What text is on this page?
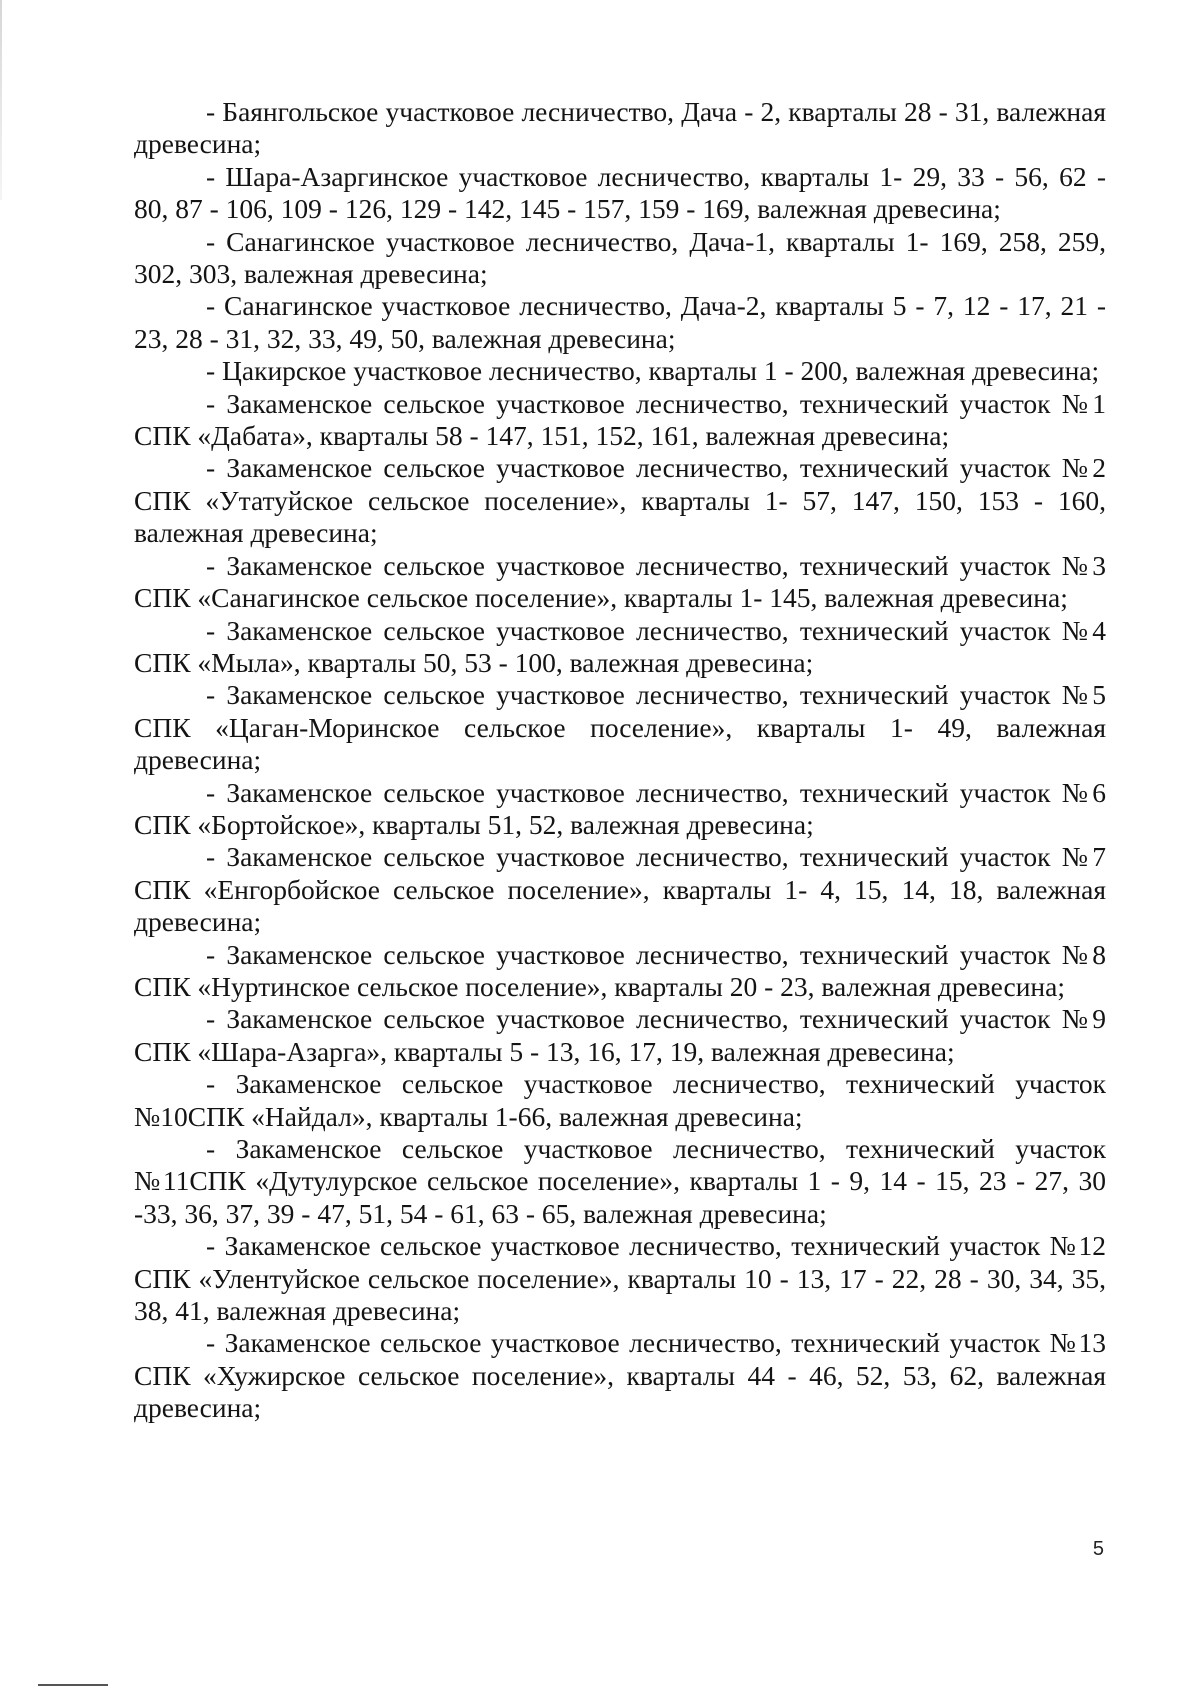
- Баянгольское участковое лесничество, Дача - 2, кварталы 28 - 31, валежная древесина;

- Шара-Азаргинское участковое лесничество, кварталы 1- 29, 33 - 56, 62 - 80, 87 - 106, 109 - 126, 129 - 142, 145 - 157, 159 - 169, валежная древесина;

- Санагинское участковое лесничество, Дача-1, кварталы 1- 169, 258, 259, 302, 303, валежная древесина;

- Санагинское участковое лесничество, Дача-2, кварталы 5 - 7, 12 - 17, 21 - 23, 28 - 31, 32, 33, 49, 50, валежная древесина;

- Цакирское участковое лесничество, кварталы 1 - 200, валежная древесина;

- Закаменское сельское участковое лесничество, технический участок №1 СПК «Дабата», кварталы 58 - 147, 151, 152, 161, валежная древесина;

- Закаменское сельское участковое лесничество, технический участок №2 СПК «Утатуйское сельское поселение», кварталы 1- 57, 147, 150, 153 - 160, валежная древесина;

- Закаменское сельское участковое лесничество, технический участок №3 СПК «Санагинское сельское поселение», кварталы 1- 145, валежная древесина;

- Закаменское сельское участковое лесничество, технический участок №4 СПК «Мыла», кварталы 50, 53 - 100, валежная древесина;

- Закаменское сельское участковое лесничество, технический участок №5 СПК «Цаган-Моринское сельское поселение», кварталы 1- 49, валежная древесина;

- Закаменское сельское участковое лесничество, технический участок №6 СПК «Бортойское», кварталы 51, 52, валежная древесина;

- Закаменское сельское участковое лесничество, технический участок №7 СПК «Енгорбойское сельское поселение», кварталы 1- 4, 15, 14, 18, валежная древесина;

- Закаменское сельское участковое лесничество, технический участок №8 СПК «Нуртинское сельское поселение», кварталы 20 - 23, валежная древесина;

- Закаменское сельское участковое лесничество, технический участок №9 СПК «Шара-Азарга», кварталы 5 - 13, 16, 17, 19, валежная древесина;

- Закаменское сельское участковое лесничество, технический участок №10СПК «Найдал», кварталы 1-66, валежная древесина;

- Закаменское сельское участковое лесничество, технический участок №11СПК «Дутулурское сельское поселение», кварталы 1 - 9, 14 - 15, 23 - 27, 30 -33, 36, 37, 39 - 47, 51, 54 - 61, 63 - 65, валежная древесина;

- Закаменское сельское участковое лесничество, технический участок №12 СПК «Улентуйское сельское поселение», кварталы 10 - 13, 17 - 22, 28 - 30, 34, 35, 38, 41, валежная древесина;

- Закаменское сельское участковое лесничество, технический участок №13 СПК «Хужирское сельское поселение», кварталы 44 - 46, 52, 53, 62, валежная древесина;

5
